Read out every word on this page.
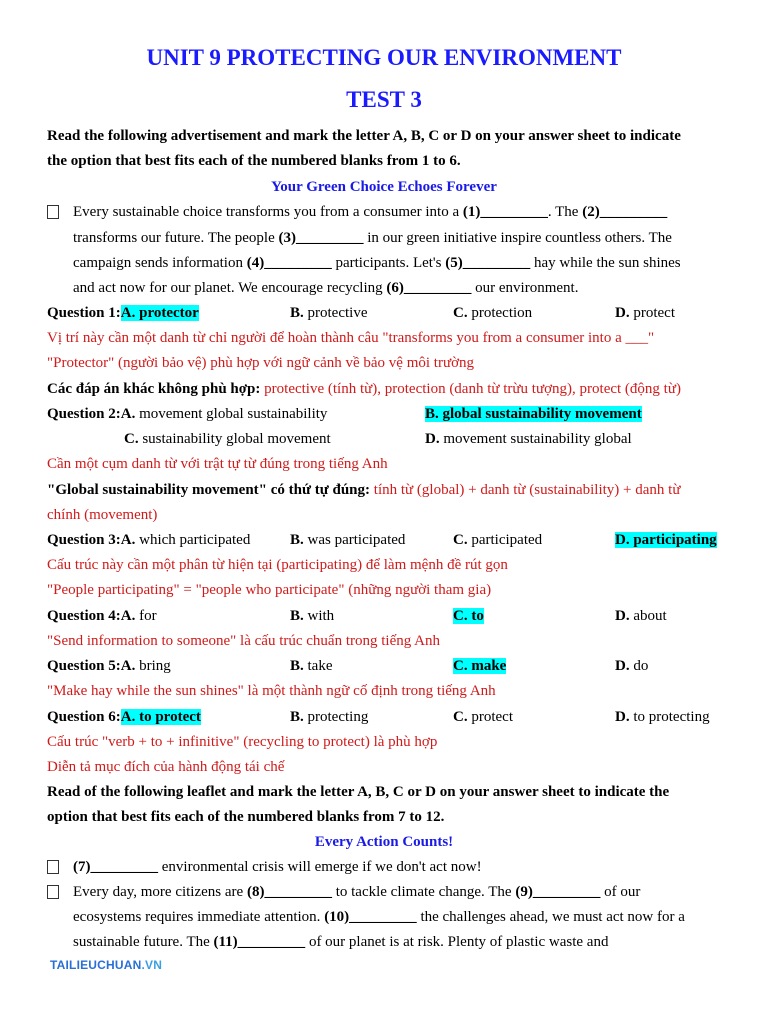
UNIT 9 PROTECTING OUR ENVIRONMENT
TEST 3
Read the following advertisement and mark the letter A, B, C or D on your answer sheet to indicate
the option that best fits each of the numbered blanks from 1 to 6.
Your Green Choice Echoes Forever
Every sustainable choice transforms you from a consumer into a (1)_________. The (2)_________
transforms our future. The people (3)_________ in our green initiative inspire countless others. The
campaign sends information (4)_________ participants. Let's (5)_________ hay while the sun shines
and act now for our planet. We encourage recycling (6)_________ our environment.
Question 1:A. protector	B. protective	C. protection	D. protect
Vị trí này cần một danh từ chỉ người để hoàn thành câu "transforms you from a consumer into a ___"
"Protector" (người bảo vệ) phù hợp với ngữ cảnh về bảo vệ môi trường
Các đáp án khác không phù hợp: protective (tính từ), protection (danh từ trừu tượng), protect (động từ)
Question 2:A. movement global sustainability	B. global sustainability movement
C. sustainability global movement	D. movement sustainability global
Cần một cụm danh từ với trật tự từ đúng trong tiếng Anh
"Global sustainability movement" có thứ tự đúng: tính từ (global) + danh từ (sustainability) + danh từ
chính (movement)
Question 3:A. which participated	B. was participated	C. participated	D. participating
Cấu trúc này cần một phân từ hiện tại (participating) để làm mệnh đề rút gọn
"People participating" = "people who participate" (những người tham gia)
Question 4:A. for	B. with	C. to	D. about
"Send information to someone" là cấu trúc chuẩn trong tiếng Anh
Question 5:A. bring	B. take	C. make	D. do
"Make hay while the sun shines" là một thành ngữ cố định trong tiếng Anh
Question 6:A. to protect	B. protecting	C. protect	D. to protecting
Cấu trúc "verb + to + infinitive" (recycling to protect) là phù hợp
Diễn tả mục đích của hành động tái chế
Read of the following leaflet and mark the letter A, B, C or D on your answer sheet to indicate the
option that best fits each of the numbered blanks from 7 to 12.
Every Action Counts!
(7)_________ environmental crisis will emerge if we don't act now!
Every day, more citizens are (8)_________ to tackle climate change. The (9)_________ of our
ecosystems requires immediate attention. (10)_________ the challenges ahead, we must act now for a
sustainable future. The (11)_________ of our planet is at risk. Plenty of plastic waste and
TAILIEUCHUAN.VN
